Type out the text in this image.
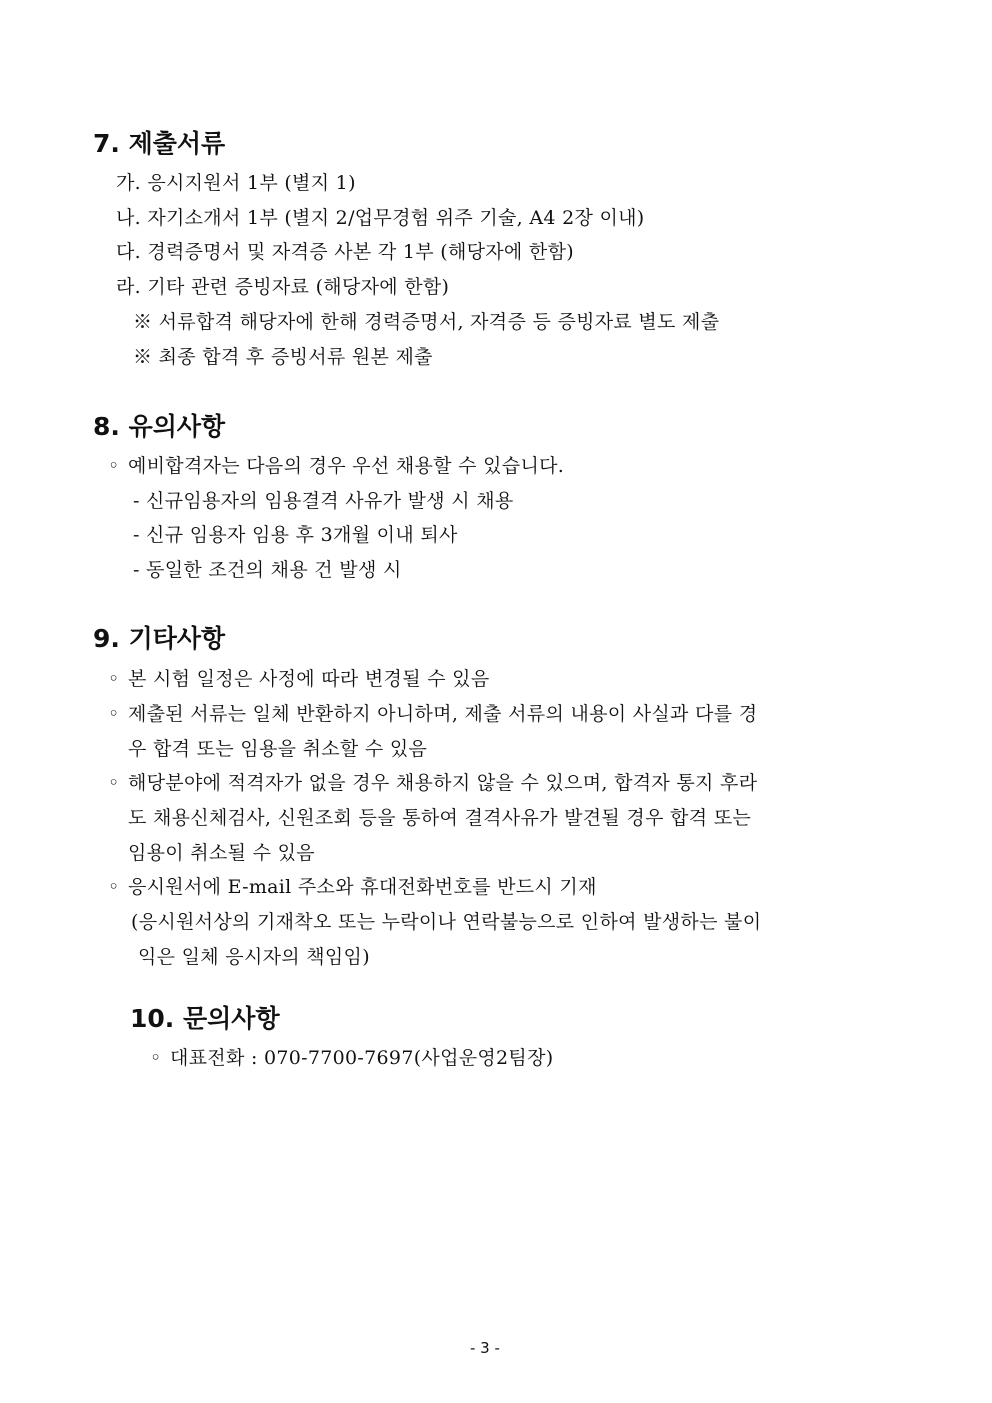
7. 제출서류
가. 응시지원서 1부 (별지 1)
나. 자기소개서 1부 (별지 2/업무경험 위주 기술, A4 2장 이내)
다. 경력증명서 및 자격증 사본 각 1부 (해당자에 한함)
라. 기타 관련 증빙자료 (해당자에 한함)
※ 서류합격 해당자에 한해 경력증명서, 자격증 등 증빙자료 별도 제출
※ 최종 합격 후 증빙서류 원본 제출
8. 유의사항
◦ 예비합격자는 다음의 경우 우선 채용할 수 있습니다.
- 신규임용자의 임용결격 사유가 발생 시 채용
- 신규 임용자 임용 후 3개월 이내 퇴사
- 동일한 조건의 채용 건 발생 시
9. 기타사항
◦ 본 시험 일정은 사정에 따라 변경될 수 있음
◦ 제출된 서류는 일체 반환하지 아니하며, 제출 서류의 내용이 사실과 다를 경
우 합격 또는 임용을 취소할 수 있음
◦ 해당분야에 적격자가 없을 경우 채용하지 않을 수 있으며, 합격자 통지 후라
도 채용신체검사, 신원조회 등을 통하여 결격사유가 발견될 경우 합격 또는
임용이 취소될 수 있음
◦ 응시원서에 E-mail 주소와 휴대전화번호를 반드시 기재
(응시원서상의 기재착오 또는 누락이나 연락불능으로 인하여 발생하는 불이
익은 일체 응시자의 책임임)
10. 문의사항
◦ 대표전화 : 070-7700-7697(사업운영2팀장)
- 3 -
